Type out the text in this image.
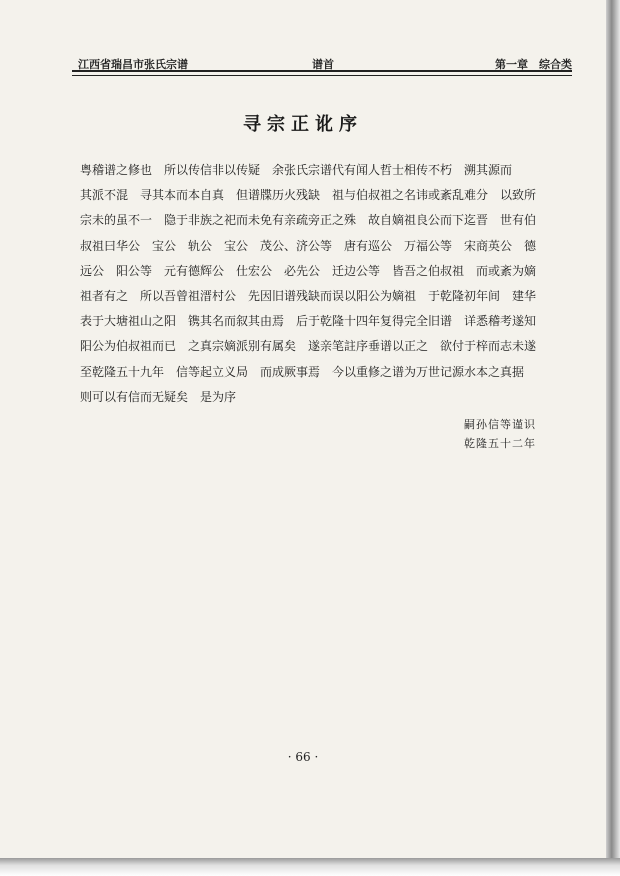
江西省瑞昌市张氏宗谱	谱首	第一章　综合类
寻宗正讹序
粤稽谱之修也　所以传信非以传疑　余张氏宗谱代有闻人哲士相传不朽　溯其源而
其派不混　寻其本而本自真　但谱牒历火残缺　祖与伯叔祖之名讳或紊乱难分　以致所
宗未的虽不一　隐于非族之祀而未免有亲疏旁正之殊　故自嫡祖良公而下迄晋　世有伯
叔祖曰华公　宝公　轨公　宝公　茂公、济公等　唐有巡公　万福公等　宋商英公　德
远公　阳公等　元有德辉公　仕宏公　必先公　迁边公等　皆吾之伯叔祖　而或紊为嫡
祖者有之　所以吾曾祖溍村公　先因旧谱残缺而误以阳公为嫡祖　于乾隆初年间　建华
表于大塘祖山之阳　镌其名而叙其由焉　后于乾隆十四年复得完全旧谱　详悉稽考遂知
阳公为伯叔祖而已　之真宗嫡派别有属矣　遂亲笔註序垂谱以正之　欲付于梓而志未遂
至乾隆五十九年　信等起立义局　而成厥事焉　今以重修之谱为万世记源水本之真据
则可以有信而无疑矣　是为序
嗣孙信等谨识
乾隆五十二年
· 66 ·
